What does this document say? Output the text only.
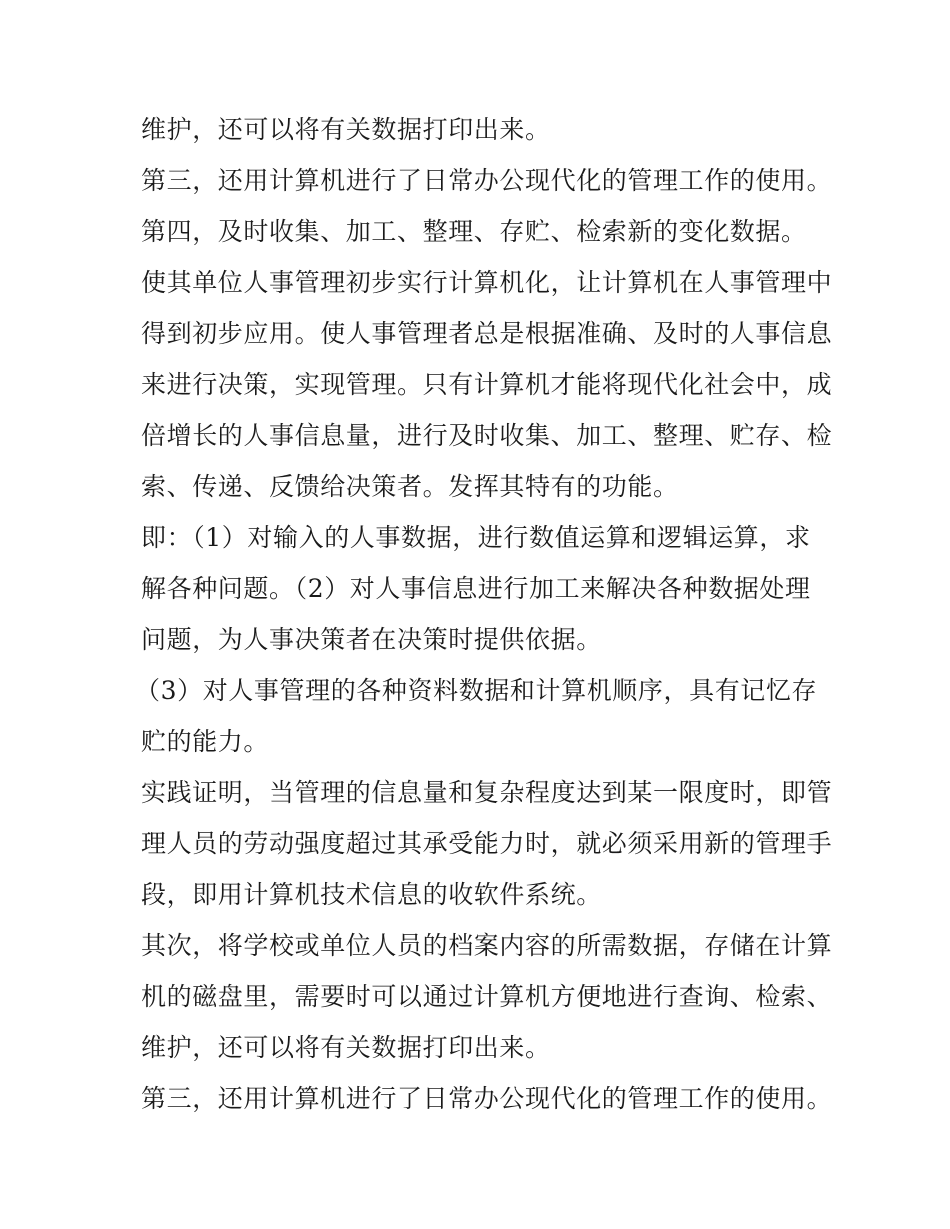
维护，还可以将有关数据打印出来。
第三，还用计算机进行了日常办公现代化的管理工作的使用。
第四，及时收集、加工、整理、存贮、检索新的变化数据。
使其单位人事管理初步实行计算机化，让计算机在人事管理中
得到初步应用。使人事管理者总是根据准确、及时的人事信息
来进行决策，实现管理。只有计算机才能将现代化社会中，成
倍增长的人事信息量，进行及时收集、加工、整理、贮存、检
索、传递、反馈给决策者。发挥其特有的功能。
即：（1）对输入的人事数据，进行数值运算和逻辑运算，求
解各种问题。（2）对人事信息进行加工来解决各种数据处理
问题，为人事决策者在决策时提供依据。
（3）对人事管理的各种资料数据和计算机顺序，具有记忆存
贮的能力。
实践证明，当管理的信息量和复杂程度达到某一限度时，即管
理人员的劳动强度超过其承受能力时，就必须采用新的管理手
段，即用计算机技术信息的收软件系统。
其次，将学校或单位人员的档案内容的所需数据，存储在计算
机的磁盘里，需要时可以通过计算机方便地进行查询、检索、
维护，还可以将有关数据打印出来。
第三，还用计算机进行了日常办公现代化的管理工作的使用。
